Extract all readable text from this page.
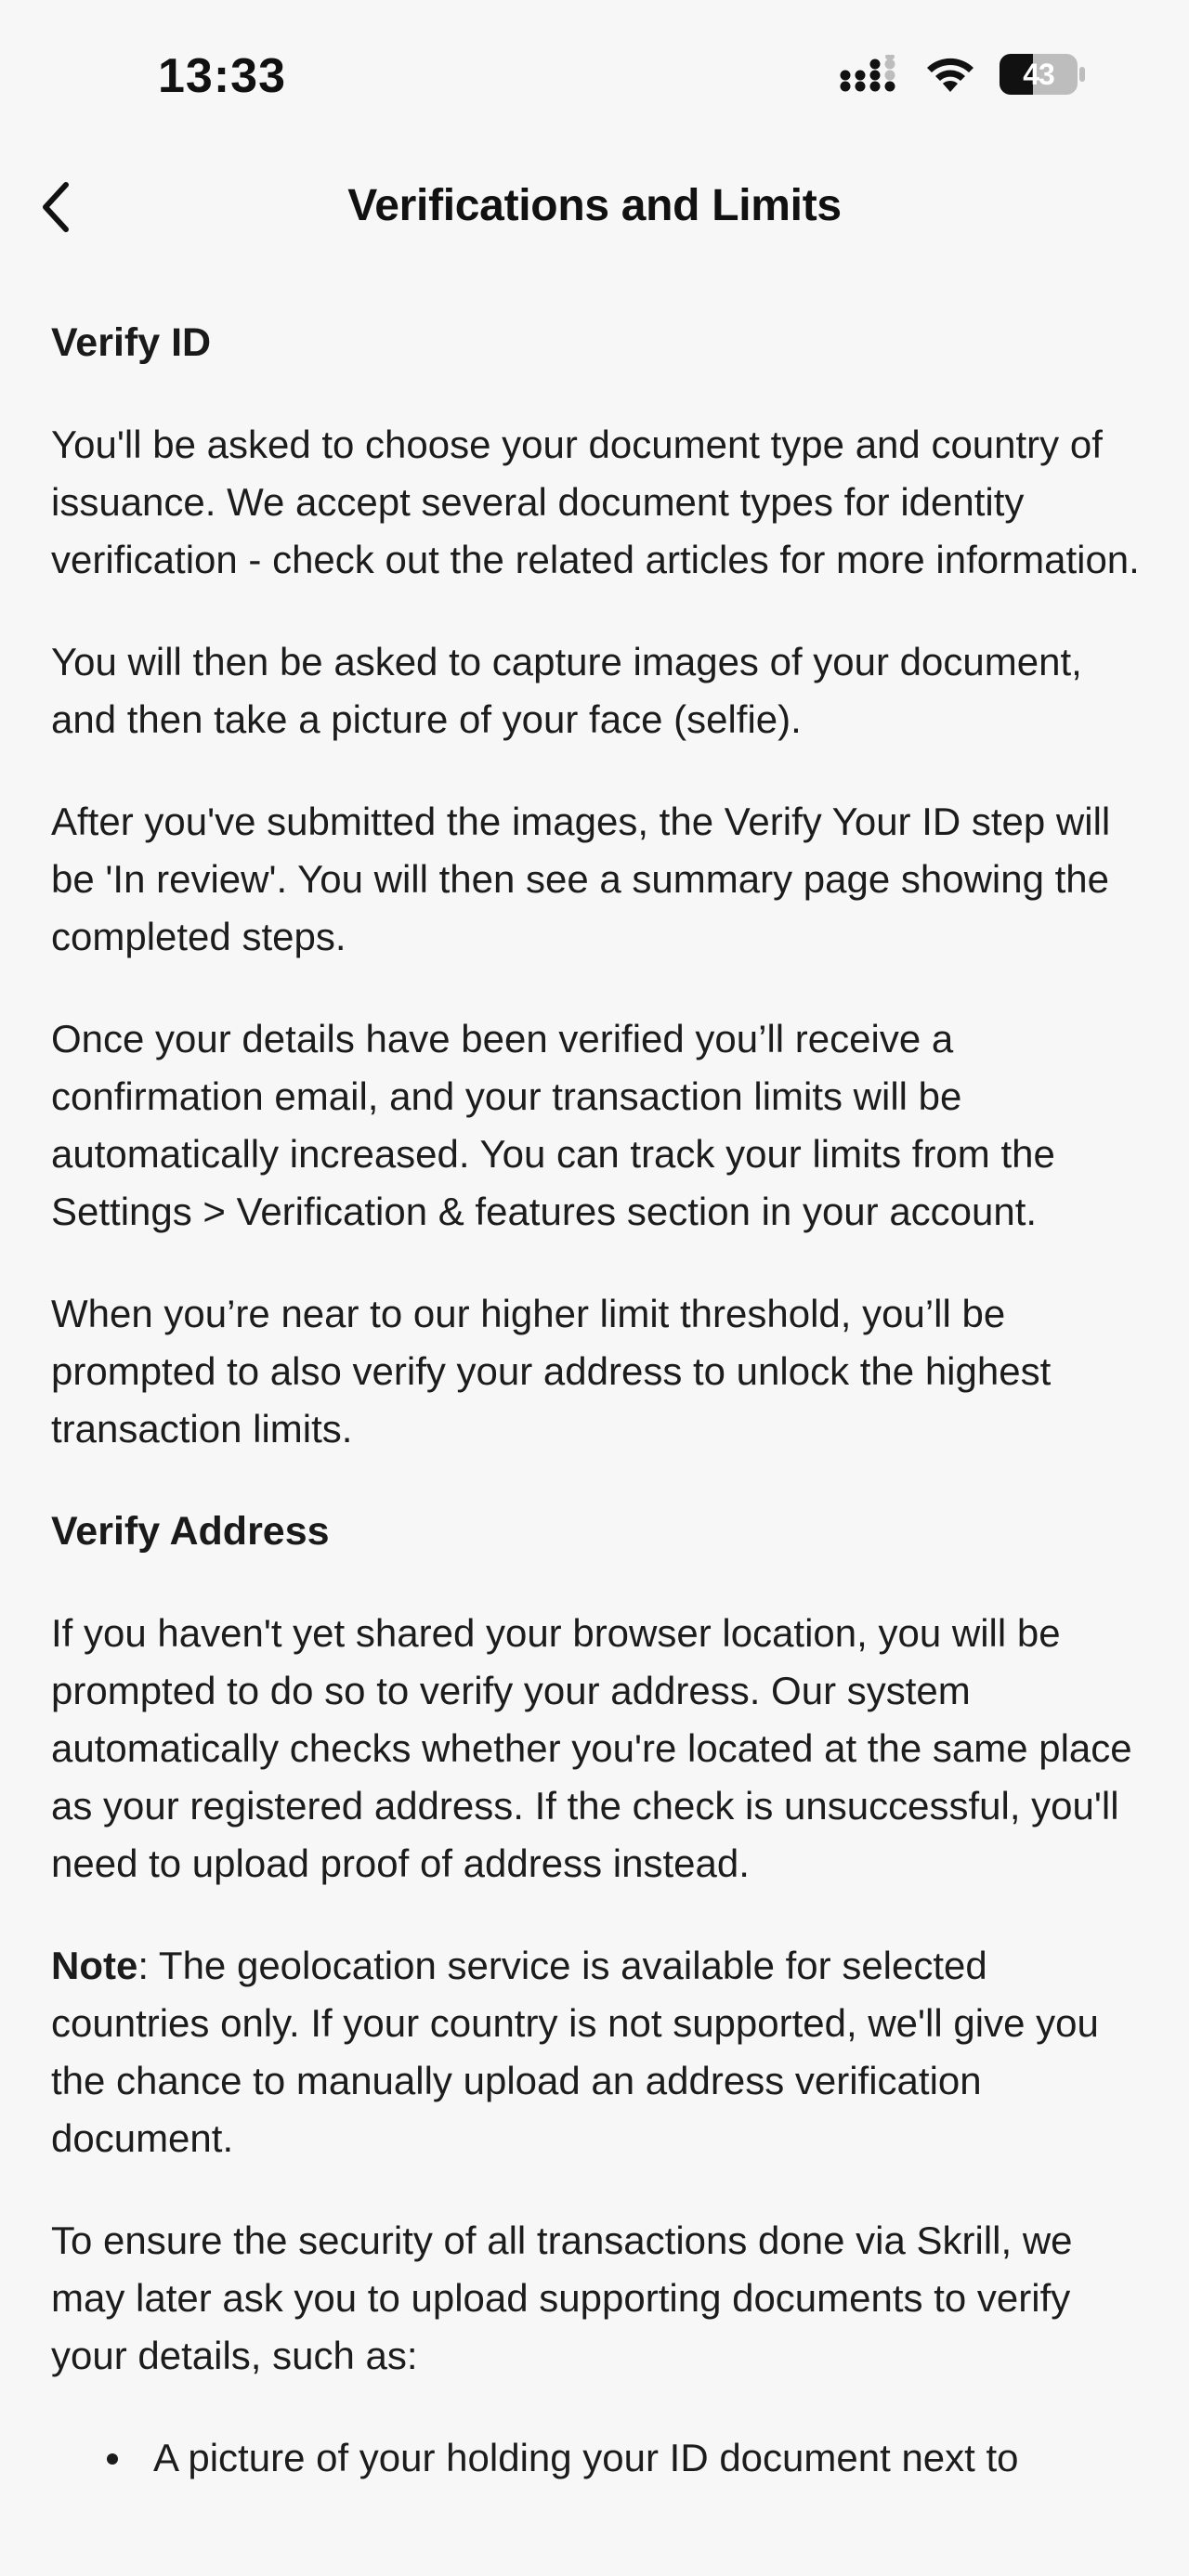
13:33	43
Verifications and Limits
Verify ID

You'll be asked to choose your document type and country of issuance. We accept several document types for identity verification - check out the related articles for more information.

You will then be asked to capture images of your document, and then take a picture of your face (selfie).

After you've submitted the images, the Verify Your ID step will be 'In review'. You will then see a summary page showing the completed steps.

Once your details have been verified you’ll receive a confirmation email, and your transaction limits will be automatically increased. You can track your limits from the Settings > Verification & features section in your account.

When you’re near to our higher limit threshold, you’ll be prompted to also verify your address to unlock the highest transaction limits.

Verify Address

If you haven't yet shared your browser location, you will be prompted to do so to verify your address. Our system automatically checks whether you're located at the same place as your registered address. If the check is unsuccessful, you'll need to upload proof of address instead.

Note: The geolocation service is available for selected countries only. If your country is not supported, we'll give you the chance to manually upload an address verification document.

To ensure the security of all transactions done via Skrill, we may later ask you to upload supporting documents to verify your details, such as:

A picture of your holding your ID document next to
